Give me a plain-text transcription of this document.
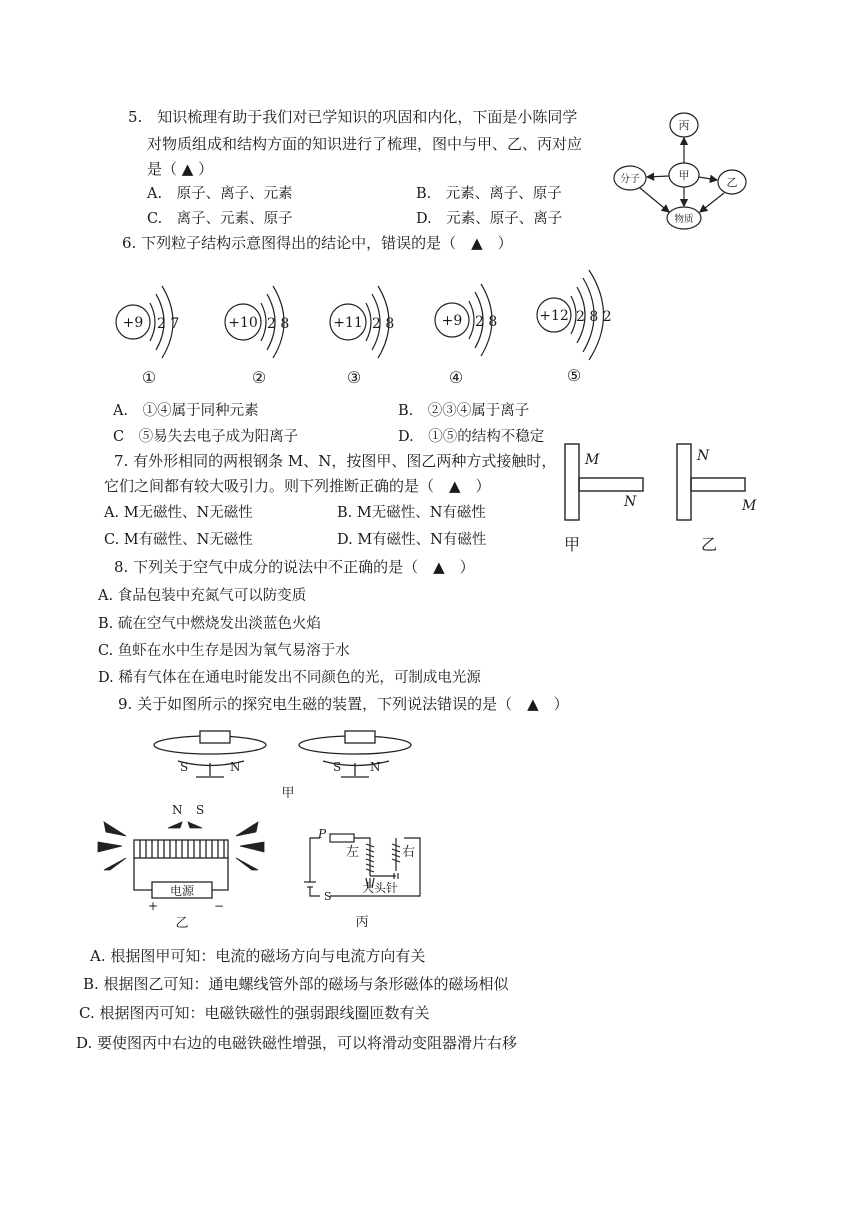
5.　知识梳理有助于我们对已学知识的巩固和内化，下面是小陈同学
对物质组成和结构方面的知识进行了梳理，图中与甲、乙、丙对应
是（ ▲ ）
A.　原子、离子、元素	B.　元素、离子、原子
C.　离子、元素、原子	D.　元素、原子、离子
丙
甲
乙
分子
物质
6. 下列粒子结构示意图得出的结论中，错误的是（　▲　）
+9 2 7	+10 2 8	+11 2 8	+9 2 8	+12 2 8 2
①	②	③	④	⑤
A.　①④属于同种元素	B.　②③④属于离子
C　⑤易失去电子成为阳离子	D.　①⑤的结构不稳定
7. 有外形相同的两根钢条 M、N，按图甲、图乙两种方式接触时，
它们之间都有较大吸引力。则下列推断正确的是（　▲　）
A. M无磁性、N无磁性	B. M无磁性、N有磁性
C. M有磁性、N无磁性	D. M有磁性、N有磁性
M
N
N
M
甲	乙
8. 下列关于空气中成分的说法中不正确的是（　▲　）
A. 食品包装中充氮气可以防变质
B. 硫在空气中燃烧发出淡蓝色火焰
C. 鱼虾在水中生存是因为氧气易溶于水
D. 稀有气体在在通电时能发出不同颜色的光，可制成电光源
9. 关于如图所示的探究电生磁的装置，下列说法错误的是（　▲　）
S	N	S N
甲
N S
电源
+	−
乙
P
左	右
大头针
S
丙
A. 根据图甲可知：电流的磁场方向与电流方向有关
B. 根据图乙可知：通电螺线管外部的磁场与条形磁体的磁场相似
C. 根据图丙可知：电磁铁磁性的强弱跟线圈匝数有关
D. 要使图丙中右边的电磁铁磁性增强，可以将滑动变阻器滑片右移
